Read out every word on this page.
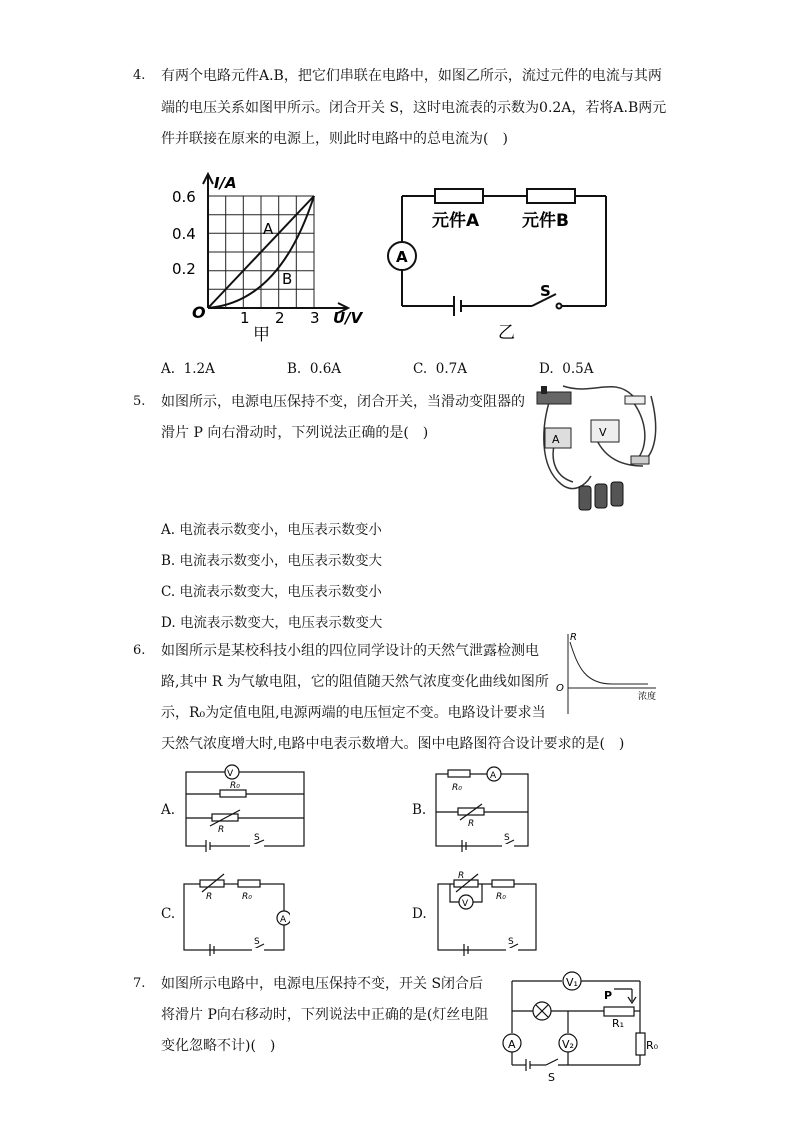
4. 有两个电路元件A.B，把它们串联在电路中，如图乙所示，流过元件的电流与其两
端的电压关系如图甲所示。闭合开关 S，这时电流表的示数为0.2A，若将A.B两元
件并联接在原来的电源上，则此时电路中的总电流为(　)
I/A
0.6
0.4
0.2
O 1 2 3 U/V
A
B
甲
元件A	元件B
A
S
乙
A. 1.2A	B. 0.6A	C. 0.7A	D. 0.5A
5. 如图所示，电源电压保持不变，闭合开关，当滑动变阻器的
滑片 P 向右滑动时，下列说法正确的是(　)	A
V
A. 电流表示数变小，电压表示数变小
B. 电流表示数变小，电压表示数变大
C. 电流表示数变大，电压表示数变小
D. 电流表示数变大，电压表示数变大
6. 如图所示是某校科技小组的四位同学设计的天然气泄露检测电
路,其中 R 为气敏电阻，它的阻值随天然气浓度变化曲线如图所
示，R₀为定值电阻,电源两端的电压恒定不变。电路设计要求当
天然气浓度增大时,电路中电表示数增大。图中电路图符合设计要求的是(　)
R
O
浓度
A.
V
R₀
R
S
B.
A
R₀
R
S
C.	A
R₀
R
S
D.
V
R₀
R
S
7. 如图所示电路中，电源电压保持不变，开关 S闭合后
将滑片 P向右移动时，下列说法中正确的是(灯丝电阻
变化忽略不计)(　)
V₁
V₂
A
P
R₁
R₀
S
